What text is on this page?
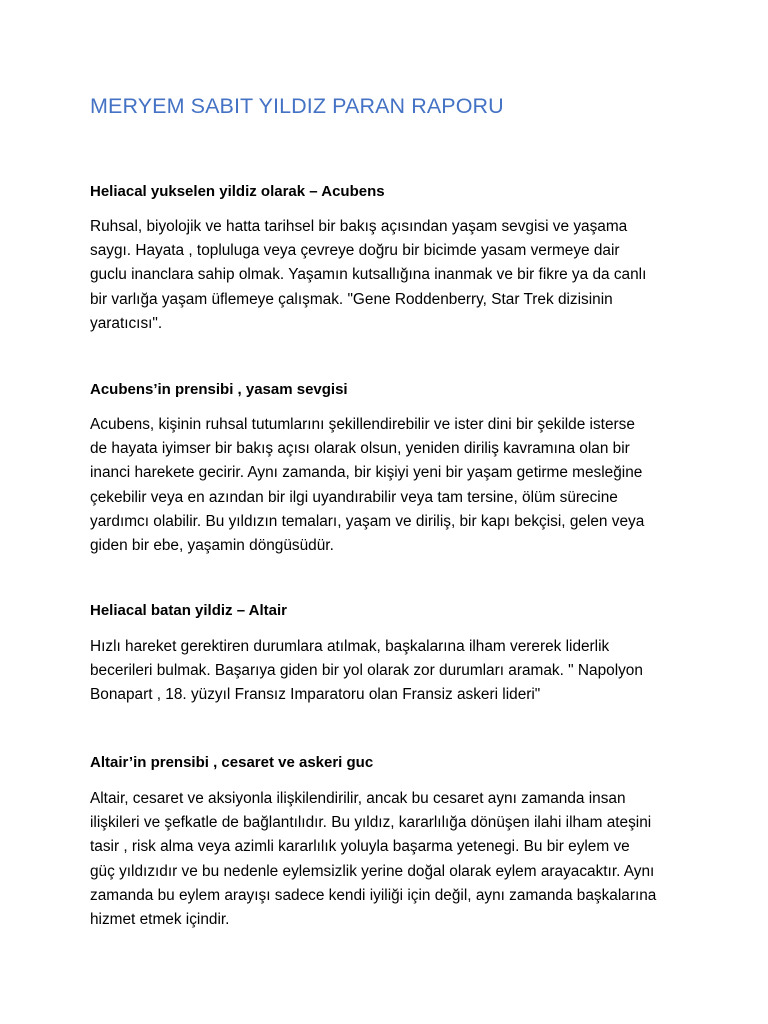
MERYEM SABIT YILDIZ PARAN RAPORU
Heliacal yukselen yildiz olarak – Acubens

Ruhsal, biyolojik ve hatta tarihsel bir bakış açısından yaşam sevgisi ve yaşama
saygı. Hayata , topluluga veya çevreye doğru bir bicimde yasam vermeye dair
guclu inanclara sahip olmak. Yaşamın kutsallığına inanmak ve bir fikre ya da canlı
bir varlığa yaşam üflemeye çalışmak. "Gene Roddenberry, Star Trek dizisinin
yaratıcısı".

Acubens’in prensibi , yasam sevgisi

Acubens, kişinin ruhsal tutumlarını şekillendirebilir ve ister dini bir şekilde isterse
de hayata iyimser bir bakış açısı olarak olsun, yeniden diriliş kavramına olan bir
inanci harekete gecirir. Aynı zamanda, bir kişiyi yeni bir yaşam getirme mesleğine
çekebilir veya en azından bir ilgi uyandırabilir veya tam tersine, ölüm sürecine
yardımcı olabilir. Bu yıldızın temaları, yaşam ve diriliş, bir kapı bekçisi, gelen veya
giden bir ebe, yaşamin döngüsüdür.

Heliacal batan yildiz – Altair

Hızlı hareket gerektiren durumlara atılmak, başkalarına ilham vererek liderlik
becerileri bulmak. Başarıya giden bir yol olarak zor durumları aramak. " Napolyon
Bonapart , 18. yüzyıl Fransız Imparatoru olan Fransiz askeri lideri"

Altair’in prensibi , cesaret ve askeri guc

Altair, cesaret ve aksiyonla ilişkilendirilir, ancak bu cesaret aynı zamanda insan
ilişkileri ve şefkatle de bağlantılıdır. Bu yıldız, kararlılığa dönüşen ilahi ilham ateşini
tasir , risk alma veya azimli kararlılık yoluyla başarma yetenegi. Bu bir eylem ve
güç yıldızıdır ve bu nedenle eylemsizlik yerine doğal olarak eylem arayacaktır. Aynı
zamanda bu eylem arayışı sadece kendi iyiliği için değil, aynı zamanda başkalarına
hizmet etmek içindir.
